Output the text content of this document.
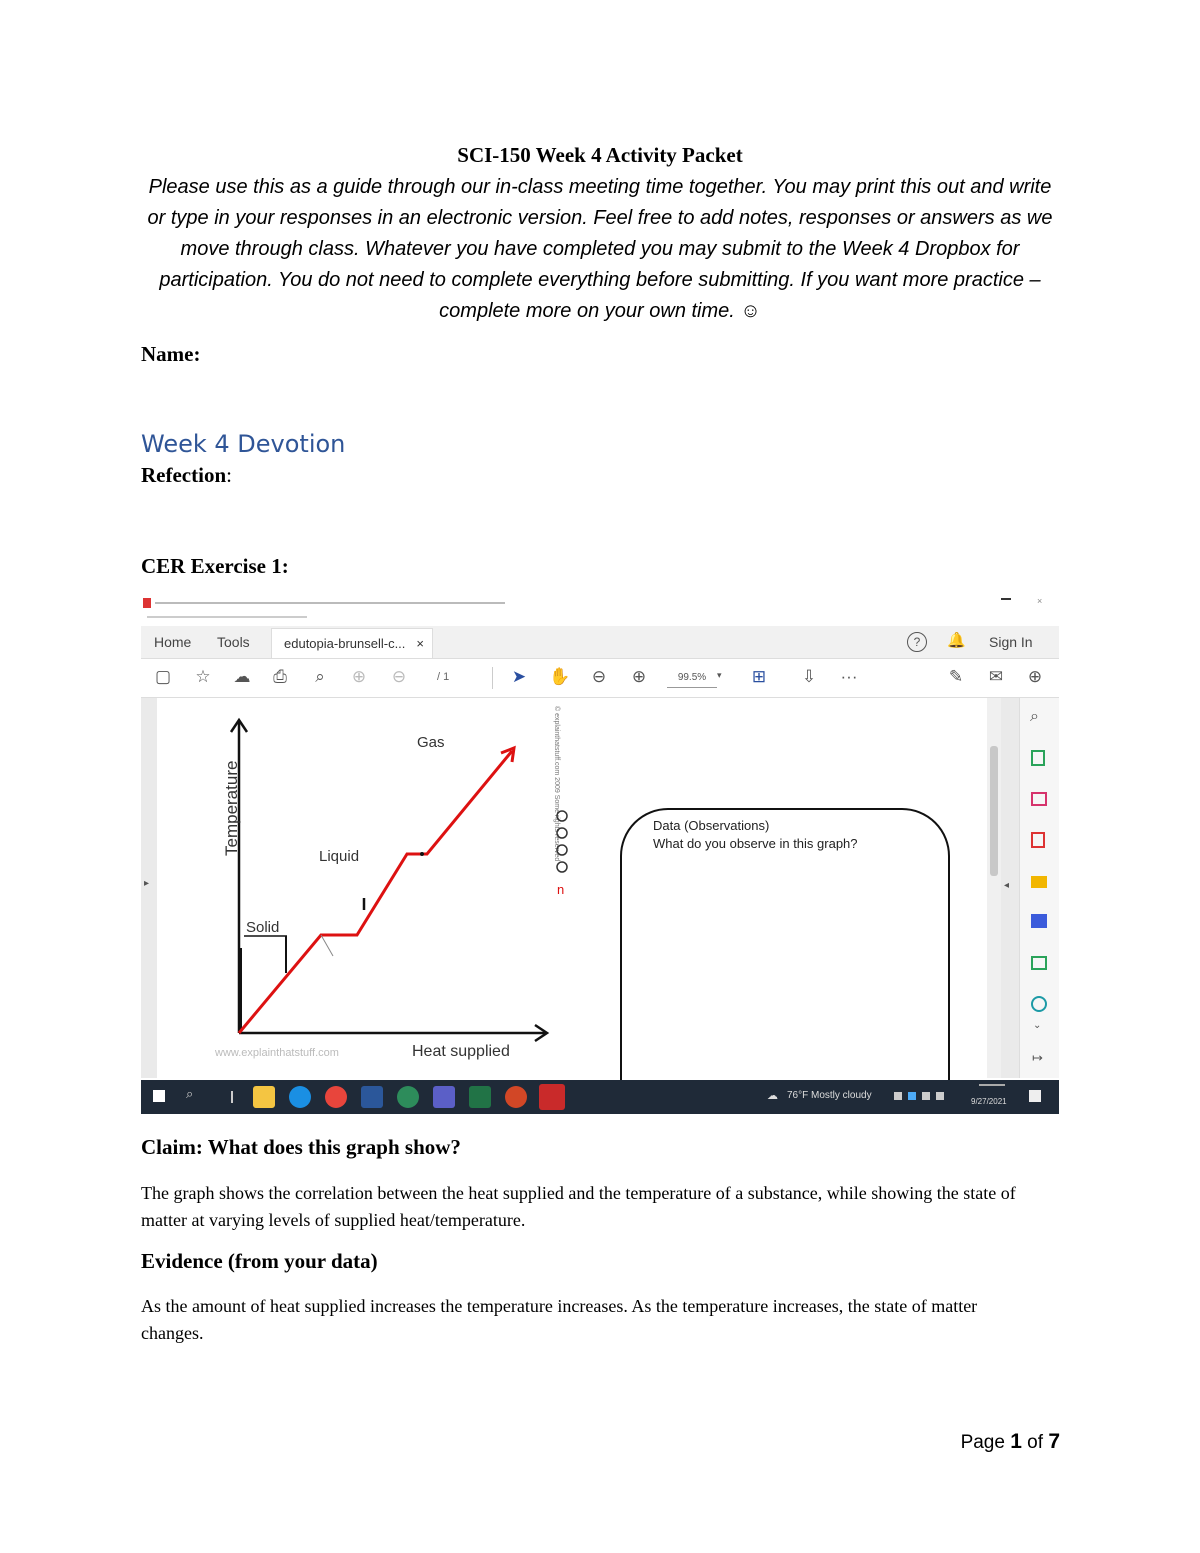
SCI-150 Week 4 Activity Packet
Please use this as a guide through our in-class meeting time together. You may print this out and write or type in your responses in an electronic version. Feel free to add notes, responses or answers as we move through class. Whatever you have completed you may submit to the Week 4 Dropbox for participation. You do not need to complete everything before submitting. If you want more practice – complete more on your own time. ☺
Name:
Week 4 Devotion
Refection:
CER Exercise 1:
×
Home Tools	edutopia-brunsell-c... ×	?	🔔 Sign In
▢ ☆ ☁	⎙	⌕	⊕ ⊖	/ 1	➤ ✋ ⊖ ⊕	99.5%	▾ ⊞ ⇩ ···	✎ ✉ ⊕
▸
Temperature
Heat supplied
Solid
Liquid
Gas
www.explainthatstuff.com
© explainthatstuff.com 2009 Some rights reserved
n
Data (Observations)
What do you observe in this graph?
◂
⌕
⌄
↦
⌕	☁ 76°F Mostly cloudy
9/27/2021
Claim: What does this graph show?
The graph shows the correlation between the heat supplied and the temperature of a substance, while showing the state of matter at varying levels of supplied heat/temperature.
Evidence (from your data)
As the amount of heat supplied increases the temperature increases. As the temperature increases, the state of matter changes.
Page 1 of 7
